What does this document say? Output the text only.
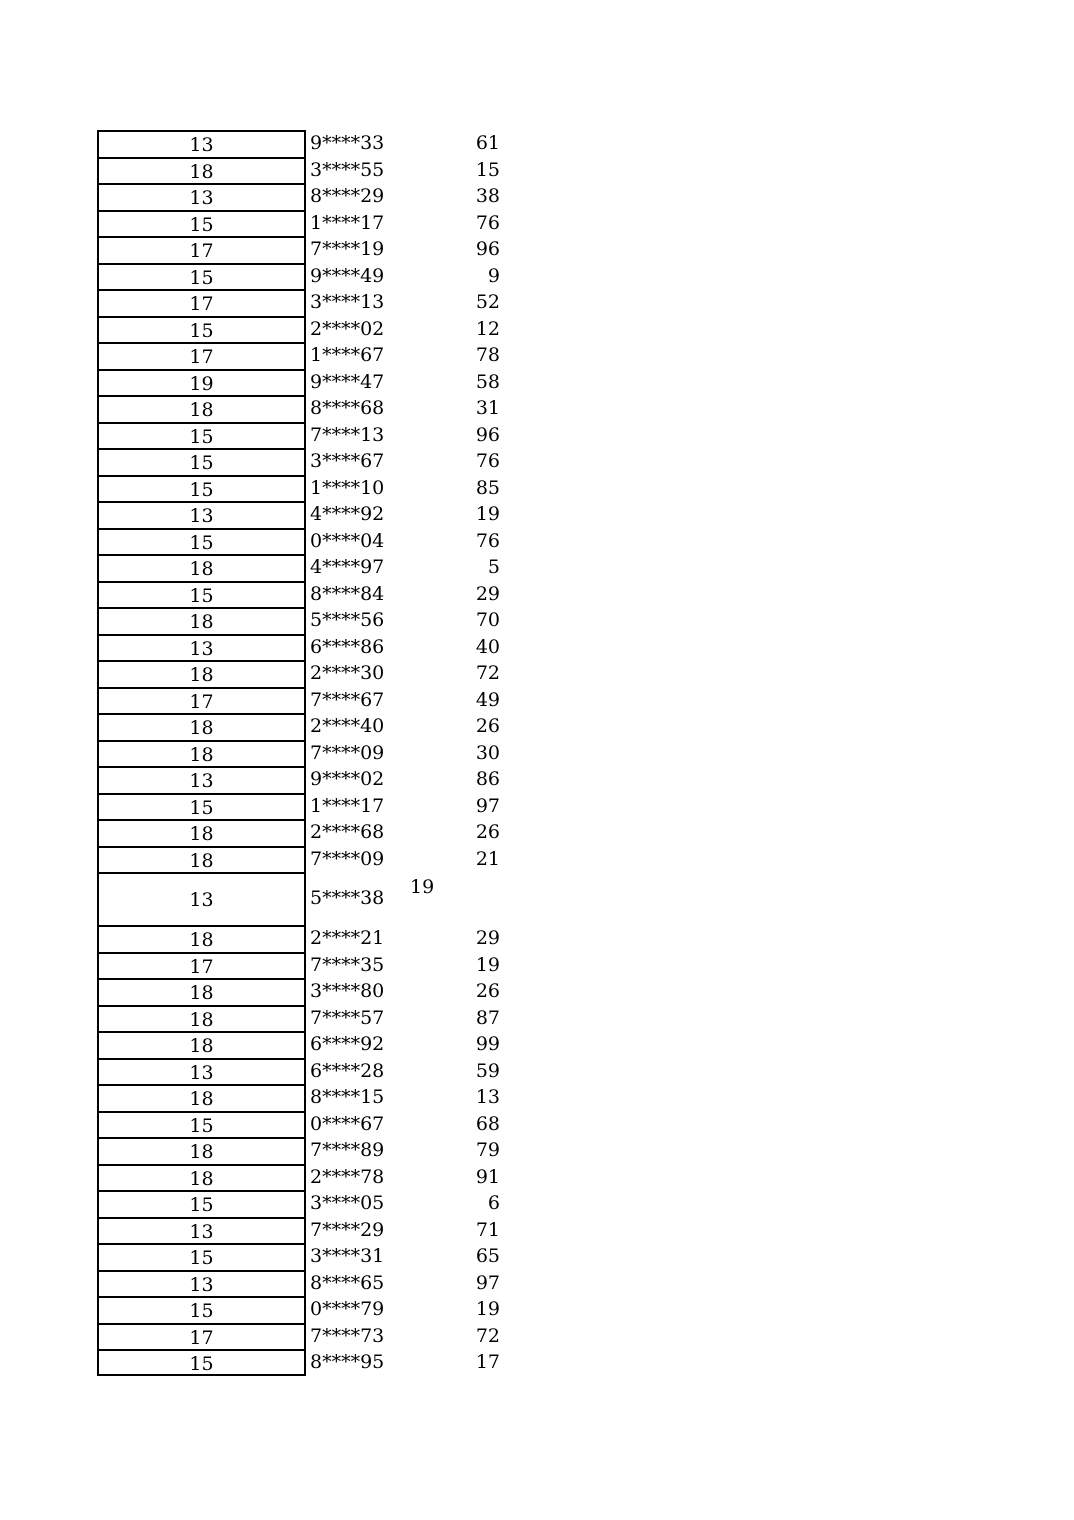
13	9****33	61
18	3****55	15
13	8****29	38
15	1****17	76
17	7****19	96
15	9****49	9
17	3****13	52
15	2****02	12
17	1****67	78
19	9****47	58
18	8****68	31
15	7****13	96
15	3****67	76
15	1****10	85
13	4****92	19
15	0****04	76
18	4****97	5
15	8****84	29
18	5****56	70
13	6****86	40
18	2****30	72
17	7****67	49
18	2****40	26
18	7****09	30
13	9****02	86
15	1****17	97
18	2****68	26
18	7****09	21
13	5****38 19
18	2****21	29
17	7****35	19
18	3****80	26
18	7****57	87
18	6****92	99
13	6****28	59
18	8****15	13
15	0****67	68
18	7****89	79
18	2****78	91
15	3****05	6
13	7****29	71
15	3****31	65
13	8****65	97
15	0****79	19
17	7****73	72
15	8****95	17
